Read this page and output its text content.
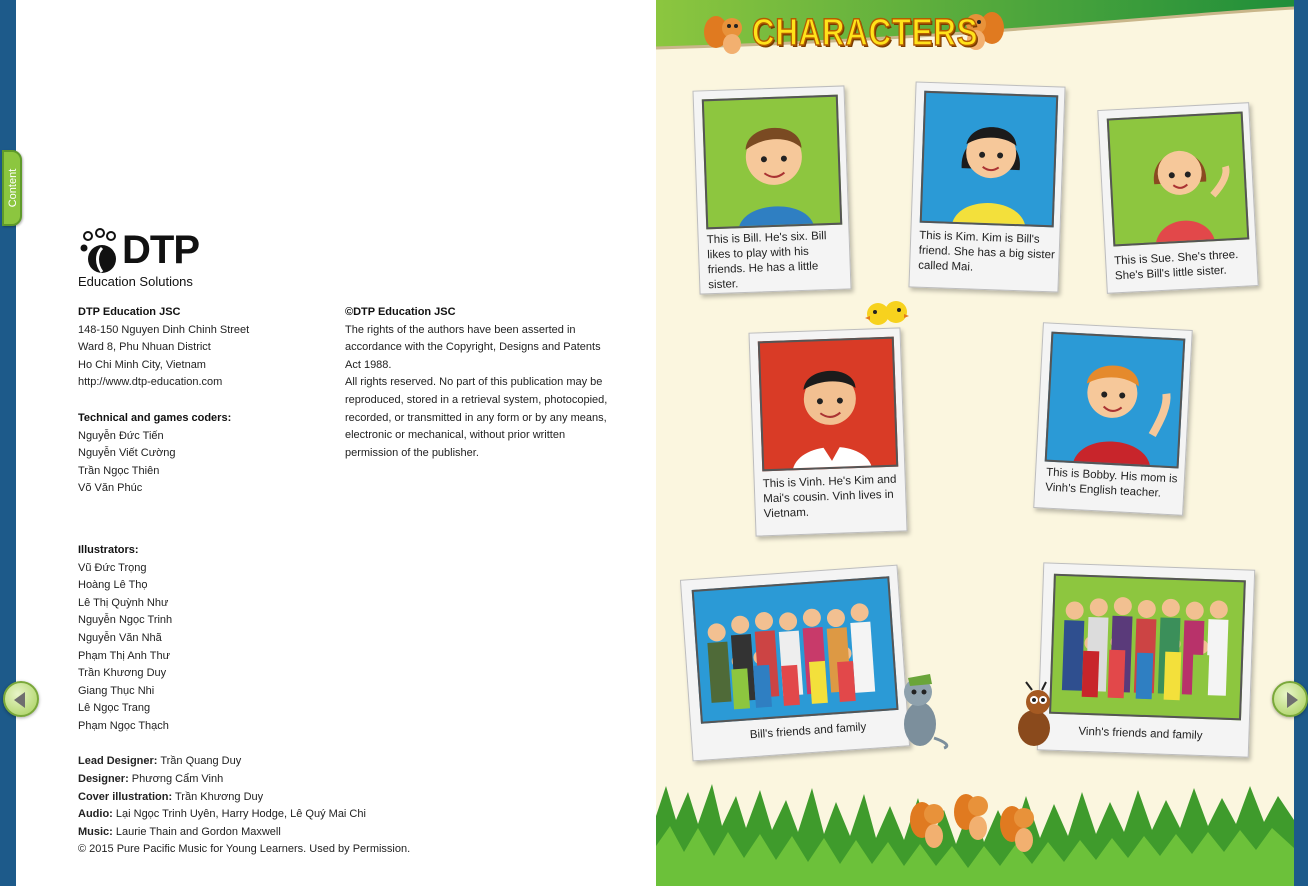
DTP
Education Solutions

DTP Education JSC

148-150 Nguyen Dinh Chinh Street

Ward 8, Phu Nhuan District

Ho Chi Minh City, Vietnam

http://www.dtp-education.com

Technical and games coders:

Nguyễn Đức Tiến

Nguyễn Viết Cường

Trần Ngọc Thiên

Võ Văn Phúc

Illustrators:

Vũ Đức Trọng

Hoàng Lê Thọ

Lê Thị Quỳnh Như

Nguyễn Ngọc Trinh

Nguyễn Văn Nhã

Phạm Thị Anh Thư

Trần Khương Duy

Giang Thục Nhi

Lê Ngọc Trang

Phạm Ngọc Thạch

Lead Designer: Trần Quang Duy

Designer: Phương Cẩm Vinh

Cover illustration: Trần Khương Duy

Audio: Lại Ngọc Trinh Uyên, Harry Hodge, Lê Quý Mai Chi

Music: Laurie Thain and Gordon Maxwell

© 2015 Pure Pacific Music for Young Learners. Used by Permission.

©DTP Education JSC

The rights of the authors have been asserted in accordance with the Copyright, Designs and Patents Act 1988.

All rights reserved. No part of this publication may be reproduced, stored in a retrieval system, photocopied, recorded, or transmitted in any form or by any means, electronic or mechanical, without prior written permission of the publisher.

CHARACTERS
This is Bill. He's six. Bill likes to play with his friends. He has a little sister.
This is Kim. Kim is Bill's friend. She has a big sister called Mai.	This is Sue. She's three. She's Bill's little sister.
This is Vinh. He's Kim and Mai's cousin. Vinh lives in Vietnam.
This is Bobby. His mom is Vinh's English teacher.
Bill's friends and family	Vinh's friends and family
Content
